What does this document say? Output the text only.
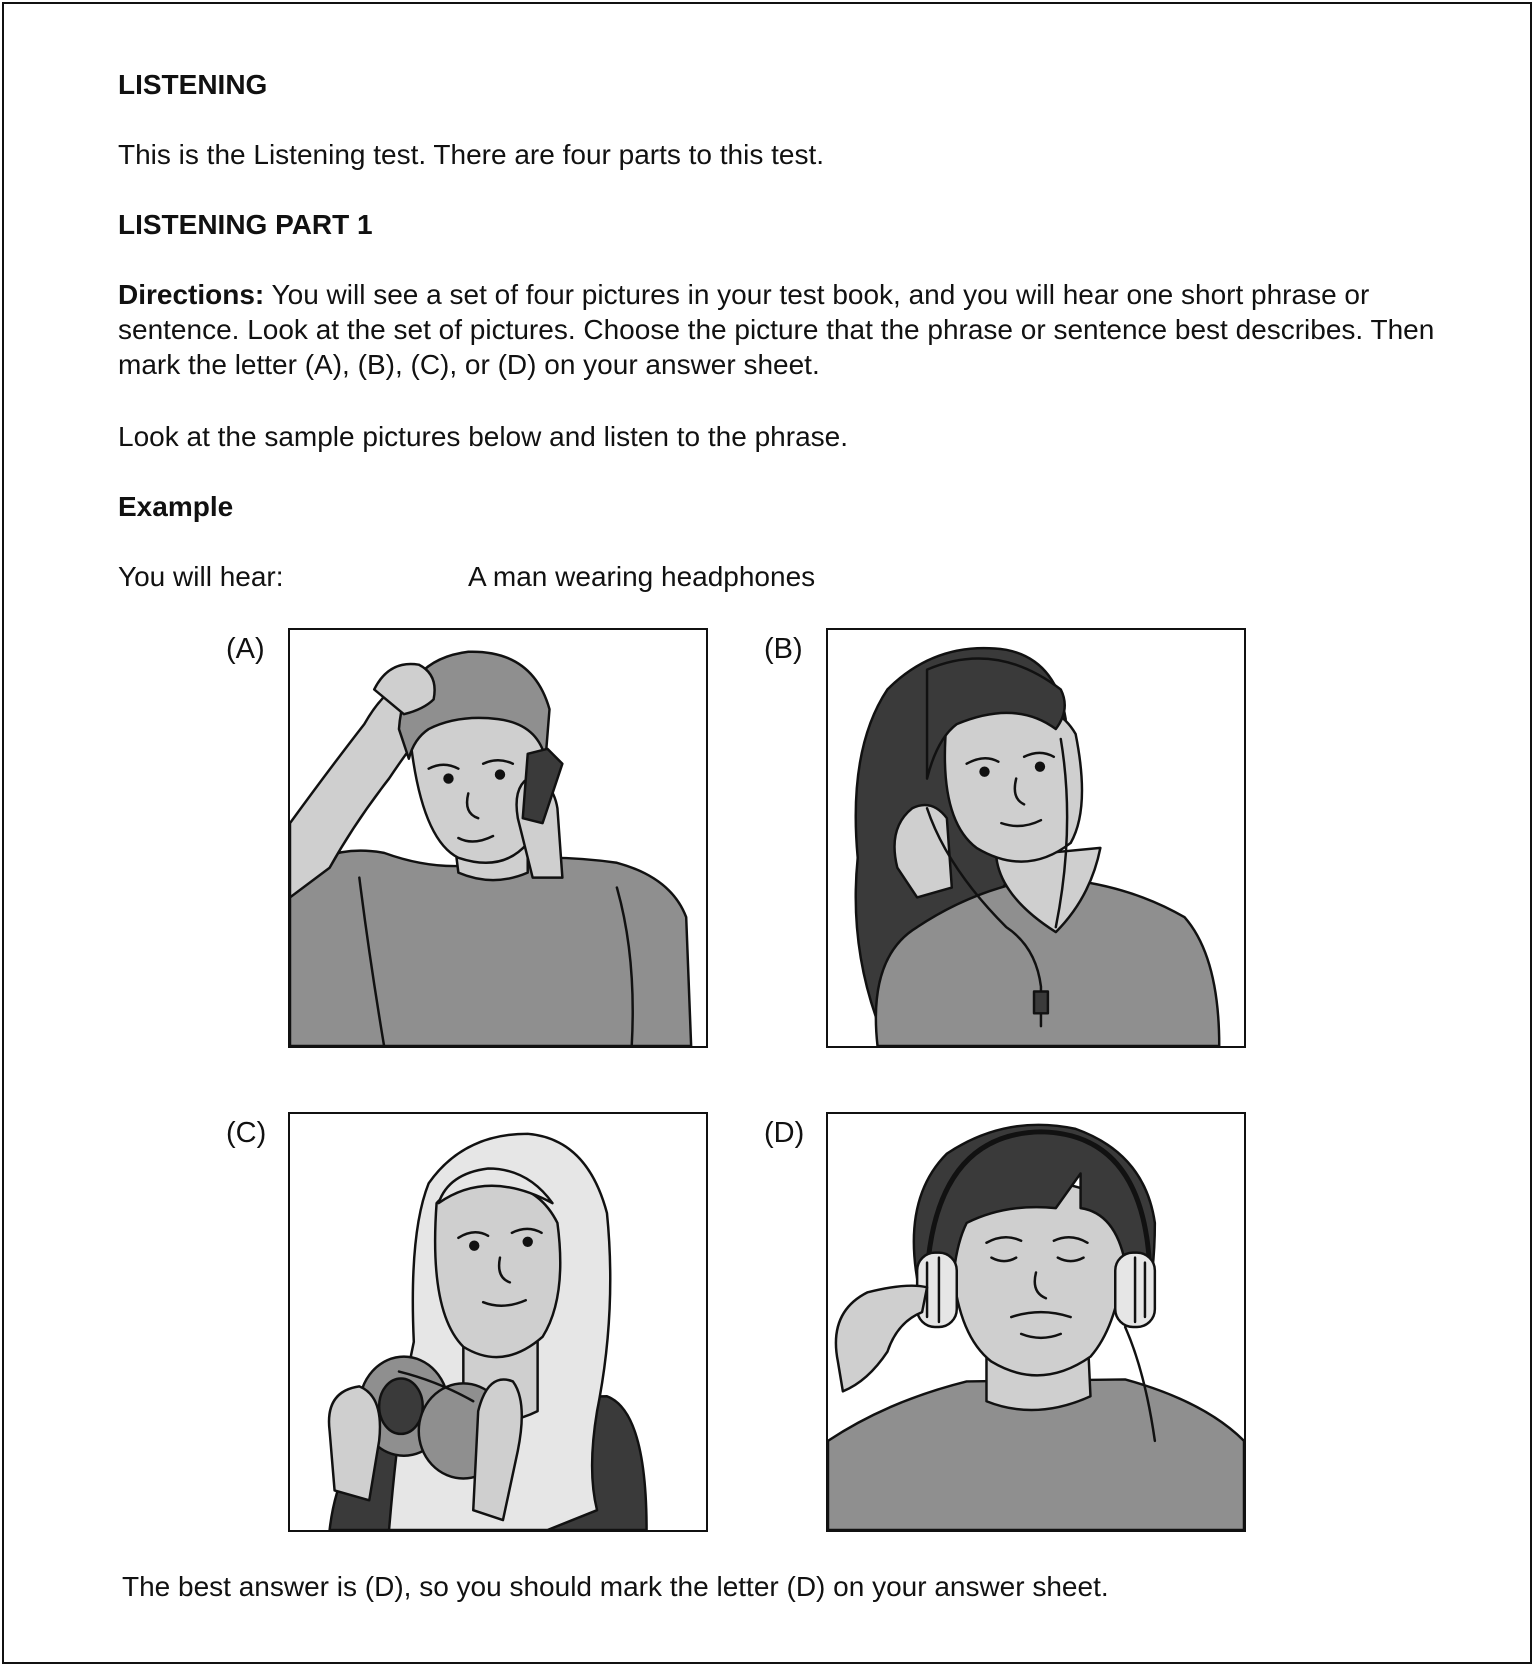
LISTENING
This is the Listening test. There are four parts to this test.
LISTENING PART 1
Directions: You will see a set of four pictures in your test book, and you will hear one short phrase or sentence. Look at the set of pictures. Choose the picture that the phrase or sentence best describes. Then mark the letter (A), (B), (C), or (D) on your answer sheet.
Look at the sample pictures below and listen to the phrase.
Example
You will hear:	A man wearing headphones
(A)	(B)
(C)	(D)
The best answer is (D), so you should mark the letter (D) on your answer sheet.
